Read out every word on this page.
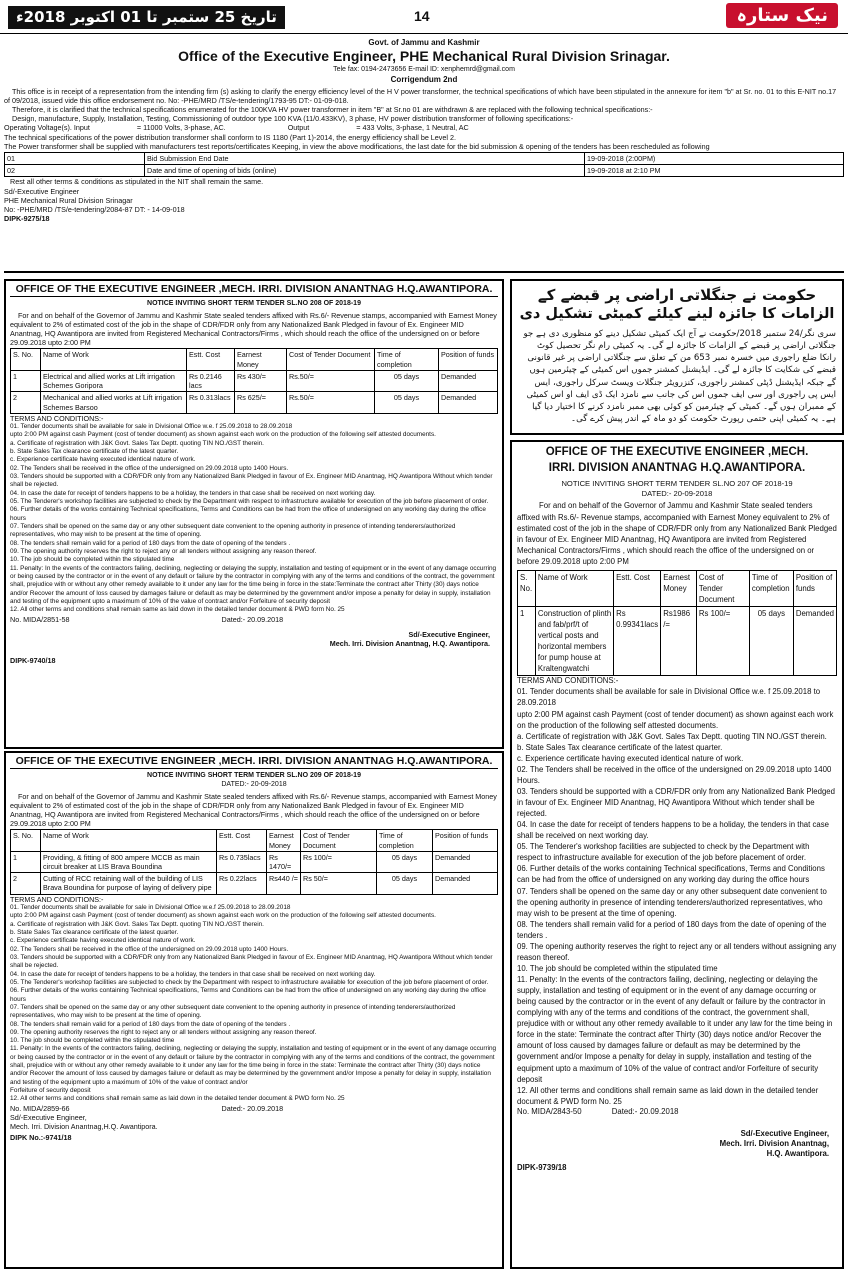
تاریخ 25 ستمبر تا 01 اکتوبر 2018ء	14	نیک ستارہ
Govt. of Jammu and Kashmir
Office of the Executive Engineer, PHE Mechanical Rural Division Srinagar.
Tele fax: 0194-2473656 E-mail ID: xenphemrd@gmail.com
Corrigendum 2nd

This office is in receipt of a representation from the intending firm (s) asking to clarify the energy efficiency level of the H V power transformer, the technical specifications of which have been stipulated in the annexure for item "b" at Sr. no. 01 to this E-NIT no.17 of 09/2018, issued vide this office endorsement no. No: -PHE/MRD /TS/e-tendering/1793-95 DT:- 01-09-018.

Therefore, it is clarified that the technical specifications enumerated for the 100KVA HV power transformer in item "B" at Sr.no 01 are withdrawn & are replaced with the following technical specifications:-

Design, manufacture, Supply, Installation, Testing, Commissioning of outdoor type 100 KVA (11/0.433KV), 3 phase, HV power distribution transformer of following specifications:-

Operating Voltage(s). Input	= 11000 Volts, 3-phase, AC.	Output	= 433 Volts, 3-phase, 1 Neutral, AC

The technical specifications of the power distribution transformer shall conform to IS 1180 (Part 1)-2014, the energy efficiency shall be Level 2.

The Power transformer shall be supplied with manufacturers test reports/certificates Keeping, in view the above modifications, the last date for the bid submission & opening of the tenders has been rescheduled as following

01	Bid Submission End Date	19-09-2018 (2:00PM)
02	Date and time of opening of bids (online)	19-09-2018 at 2:10 PM

Rest all other terms & conditions as stipulated in the NIT shall remain the same.

Sd/-Executive Engineer

PHE Mechanical Rural Division Srinagar

No: -PHE/MRD /TS/e-tendering/2084-87 DT: - 14-09-018

DIPK-9275/18

OFFICE OF THE EXECUTIVE ENGINEER ,MECH. IRRI. DIVISION ANANTNAG H.Q.AWANTIPORA.
NOTICE INVITING SHORT TERM TENDER SL.NO 208 OF 2018-19

For and on behalf of the Governor of Jammu and Kashmir State sealed tenders affixed with Rs.6/- Revenue stamps, accompanied with Earnest Money equivalent to 2% of estimated cost of the job in the shape of CDR/FDR only from any Nationalized Bank Pledged in favour of Ex. Engineer MID Anantnag, HQ Awantipora are invited from Registered Mechanical Contractors/Firms , which should reach the office of the undersigned on or before 29.09.2018 upto 2:00 PM

S. No.	Name of Work	Estt. Cost	Earnest Money	Cost of Tender Document	Time of completion	Position of funds
1	Electrical and allied works at Lift irrigation Schemes Goripora	Rs 0.2146 lacs	Rs 430/=	Rs.50/=	05 days	Demanded
2	Mechanical and allied works at Lift irrigation Schemes Barsoo	Rs 0.313lacs	Rs 625/=	Rs.50/=	05 days	Demanded

TERMS AND CONDITIONS:-

01. Tender documents shall be available for sale in Divisional Office w.e. f 25.09.2018 to 28.09.2018

upto 2:00 PM against cash Payment (cost of tender document) as shown against each work on the production of the following self attested documents.

a. Certificate of registration with J&K Govt. Sales Tax Deptt. quoting TIN NO./GST therein.

b. State Sales Tax clearance certificate of the latest quarter.

c. Experience certificate having executed identical nature of work.

02. The Tenders shall be received in the office of the undersigned on 29.09.2018 upto 1400 Hours.

03. Tenders should be supported with a CDR/FDR only from any Nationalized Bank Pledged in favour of Ex. Engineer MID Anantnag, HQ Awantipora Without which tender shall be rejected.

04. In case the date for receipt of tenders happens to be a holiday, the tenders in that case shall be received on next working day.

05. The Tenderer's workshop facilities are subjected to check by the Department with respect to infrastructure available for execution of the job before placement of order.

06. Further details of the works containing Technical specifications, Terms and Conditions can be had from the office of undersigned on any working day during the office hours

07. Tenders shall be opened on the same day or any other subsequent date convenient to the opening authority in presence of intending tenderers/authorized representatives, who may wish to be present at the time of opening.

08. The tenders shall remain valid for a period of 180 days from the date of opening of the tenders .

09. The opening authority reserves the right to reject any or all tenders without assigning any reason thereof.

10. The job should be completed within the stipulated time

11. Penalty: In the events of the contractors failing, declining, neglecting or delaying the supply, installation and testing of equipment or in the event of any damage occurring or being caused by the contractor or in the event of any default or failure by the contractor in complying with any of the terms and conditions of the contract, the government shall, prejudice with or without any other remedy available to it under any law for the time being in force in the state:Terminate the contract after Thirty (30) days notice and/or Recover the amount of loss caused by damages failure or default as may be determined by the government and/or impose a penalty for delay in supply, installation and testing of the equipment upto a maximum of 10% of the value of contract and/or Forfeiture of security deposit

12. All other terms and conditions shall remain same as laid down in the detailed tender document & PWD form No. 25

No. MIDA/2851-58	Dated:- 20.09.2018

Sd/-Executive Engineer,

Mech. Irri. Division Anantnag, H.Q. Awantipora.

DIPK-9740/18

OFFICE OF THE EXECUTIVE ENGINEER ,MECH. IRRI. DIVISION ANANTNAG H.Q.AWANTIPORA.
NOTICE INVITING SHORT TERM TENDER SL.NO 209 OF 2018-19
DATED:- 20-09-2018

For and on behalf of the Governor of Jammu and Kashmir State sealed tenders affixed with Rs.6/- Revenue stamps, accompanied with Earnest Money equivalent to 2% of estimated cost of the job in the shape of CDR/FDR only from any Nationalized Bank Pledged in favour of Ex. Engineer MID Anantnag, HQ Awantipora are invited from Registered Mechanical Contractors/Firms , which should reach the office of the undersigned on or before 29.09.2018 upto 2:00 PM

S. No.	Name of Work	Estt. Cost	Earnest Money	Cost of Tender Document	Time of completion	Position of funds
1	Providing, & fitting of 800 ampere MCCB as main circuit breaker at LIS Brava Boundina	Rs 0.735lacs	Rs 1470/=	Rs 100/=	05 days	Demanded
2	Cutting of RCC retaining wall of the building of LIS Brava Boundina for purpose of laying of delivery pipe	Rs 0.22lacs	Rs440 /=	Rs 50/=	05 days	Demanded

TERMS AND CONDITIONS:-

01. Tender documents shall be available for sale in Divisional Office w.e.f 25.09.2018 to 28.09.2018

upto 2:00 PM against cash Payment (cost of tender document) as shown against each work on the production of the following self attested documents.

a. Certificate of registration with J&K Govt. Sales Tax Deptt. quoting TIN NO./GST therein.

b. State Sales Tax clearance certificate of the latest quarter.

c. Experience certificate having executed identical nature of work.

02. The Tenders shall be received in the office of the undersigned on 29.09.2018 upto 1400 Hours.

03. Tenders should be supported with a CDR/FDR only from any Nationalized Bank Pledged in favour of Ex. Engineer MID Anantnag, HQ Awantipora Without which tender shall be rejected.

04. In case the date for receipt of tenders happens to be a holiday, the tenders in that case shall be received on next working day.

05. The Tenderer's workshop facilities are subjected to check by the Department with respect to infrastructure available for execution of the job before placement of order.

06. Further details of the works containing Technical specifications, Terms and Conditions can be had from the office of undersigned on any working day during the office hours

07. Tenders shall be opened on the same day or any other subsequent date convenient to the opening authority in presence of intending tenderers/authorized representatives, who may wish to be present at the time of opening.

08. The tenders shall remain valid for a period of 180 days from the date of opening of the tenders .

09. The opening authority reserves the right to reject any or all tenders without assigning any reason thereof.

10. The job should be completed within the stipulated time

11. Penalty: In the events of the contractors failing, declining, neglecting or delaying the supply, installation and testing of equipment or in the event of any damage occurring or being caused by the contractor or in the event of any default or failure by the contractor in complying with any of the terms and conditions of the contract, the government shall, prejudice with or without any other remedy available to it under any law for the time being in force in the state: Terminate the contract after Thirty (30) days notice and/or Recover the amount of loss caused by damages failure or default as may be determined by the government and/or Impose a penalty for delay in supply, installation and testing of the equipment upto a maximum of 10% of the value of contract and/or

Forfeiture of security deposit

12. All other terms and conditions shall remain same as laid down in the detailed tender document & PWD form No. 25

No. MIDA/2859-66	Dated:- 20.09.2018

Sd/-Executive Engineer,

Mech. Irri. Division Anantnag,H.Q. Awantipora.

DIPK No.:-9741/18

حکومت نے جنگلاتی اراضی پر قبضے کے
الزامات کا جائزہ لینے کیلئے کمیٹی تشکیل دی

سری نگر/24 ستمبر 2018/حکومت نے آج ایک کمیٹی تشکیل دینے کو منظوری دی ہے جو جنگلاتی اراضی پر قبضے کے الزامات کا جائزہ لے گی۔ یہ کمیٹی رام نگر تحصیل کوٹ رانکا ضلع راجوری میں خسرہ نمبر 653 من کے تعلق سے جنگلاتی اراضی پر غیر قانونی قبضے کی شکایت کا جائزہ لے گی۔ ایڈیشنل کمشنر جموں اس کمیٹی کے چیئرمین ہوں گے جبکہ ایڈیشنل ڈپٹی کمشنر راجوری، کنزرویٹر جنگلات ویسٹ سرکل راجوری، ایس ایس پی راجوری اور سی ایف جموں اس کی جانب سے نامزد ایک ڈی ایف او اس کمیٹی کے ممبران ہوں گے۔ کمیٹی کے چیئرمین کو کوئی بھی ممبر نامزد کرنے کا اختیار دیا گیا ہے۔ یہ کمیٹی اپنی حتمی رپورٹ حکومت کو دو ماہ کے اندر پیش کرے گی۔

OFFICE OF THE EXECUTIVE ENGINEER ,MECH.
IRRI. DIVISION ANANTNAG H.Q.AWANTIPORA.
NOTICE INVITING SHORT TERM TENDER SL.NO 207 OF 2018-19
DATED:- 20-09-2018

For and on behalf of the Governor of Jammu and Kashmir State sealed tenders affixed with Rs.6/- Revenue stamps, accompanied with Earnest Money equivalent to 2% of estimated cost of the job in the shape of CDR/FDR only from any Nationalized Bank Pledged in favour of Ex. Engineer MID Anantnag, HQ Awantipora are invited from Registered Mechanical Contractors/Firms , which should reach the office of the undersigned on or before 29.09.2018 upto 2:00 PM

S. No.	Name of Work	Estt. Cost	Earnest Money	Cost of Tender Document	Time of completion	Position of funds
1	Construction of plinth and fab/prf/t of vertical posts and horizontal members for pump house at Kraltengwatchi	Rs 0.99341lacs	Rs1986 /=	Rs 100/=	05 days	Demanded

TERMS AND CONDITIONS:-

01. Tender documents shall be available for sale in Divisional Office w.e. f 25.09.2018 to 28.09.2018

upto 2:00 PM against cash Payment (cost of tender document) as shown against each work on the production of the following self attested documents.

a. Certificate of registration with J&K Govt. Sales Tax Deptt. quoting TIN NO./GST therein.

b. State Sales Tax clearance certificate of the latest quarter.

c. Experience certificate having executed identical nature of work.

02. The Tenders shall be received in the office of the undersigned on 29.09.2018 upto 1400 Hours.

03. Tenders should be supported with a CDR/FDR only from any Nationalized Bank Pledged in favour of Ex. Engineer MID Anantnag, HQ Awantipora Without which tender shall be rejected.

04. In case the date for receipt of tenders happens to be a holiday, the tenders in that case shall be received on next working day.

05. The Tenderer's workshop facilities are subjected to check by the Department with respect to infrastructure available for execution of the job before placement of order.

06. Further details of the works containing Technical specifications, Terms and Conditions can be had from the office of undersigned on any working day during the office hours

07. Tenders shall be opened on the same day or any other subsequent date convenient to the opening authority in presence of intending tenderers/authorized representatives, who may wish to be present at the time of opening.

08. The tenders shall remain valid for a period of 180 days from the date of opening of the tenders .

09. The opening authority reserves the right to reject any or all tenders without assigning any reason thereof.

10. The job should be completed within the stipulated time

11. Penalty: In the events of the contractors failing, declining, neglecting or delaying the supply, installation and testing of equipment or in the event of any damage occurring or being caused by the contractor or in the event of any default or failure by the contractor in complying with any of the terms and conditions of the contract, the government shall, prejudice with or without any other remedy available to it under any law for the time being in force in the state: Terminate the contract after Thirty (30) days notice and/or Recover the amount of loss caused by damages failure or default as may be determined by the government and/or Impose a penalty for delay in supply, installation and testing of the equipment upto a maximum of 10% of the value of contract and/or Forfeiture of security deposit

12. All other terms and conditions shall remain same as laid down in the detailed tender document & PWD form No. 25

No. MIDA/2843-50	Dated:- 20.09.2018

Sd/-Executive Engineer,

Mech. Irri. Division Anantnag,

H.Q. Awantipora.

DIPK-9739/18
